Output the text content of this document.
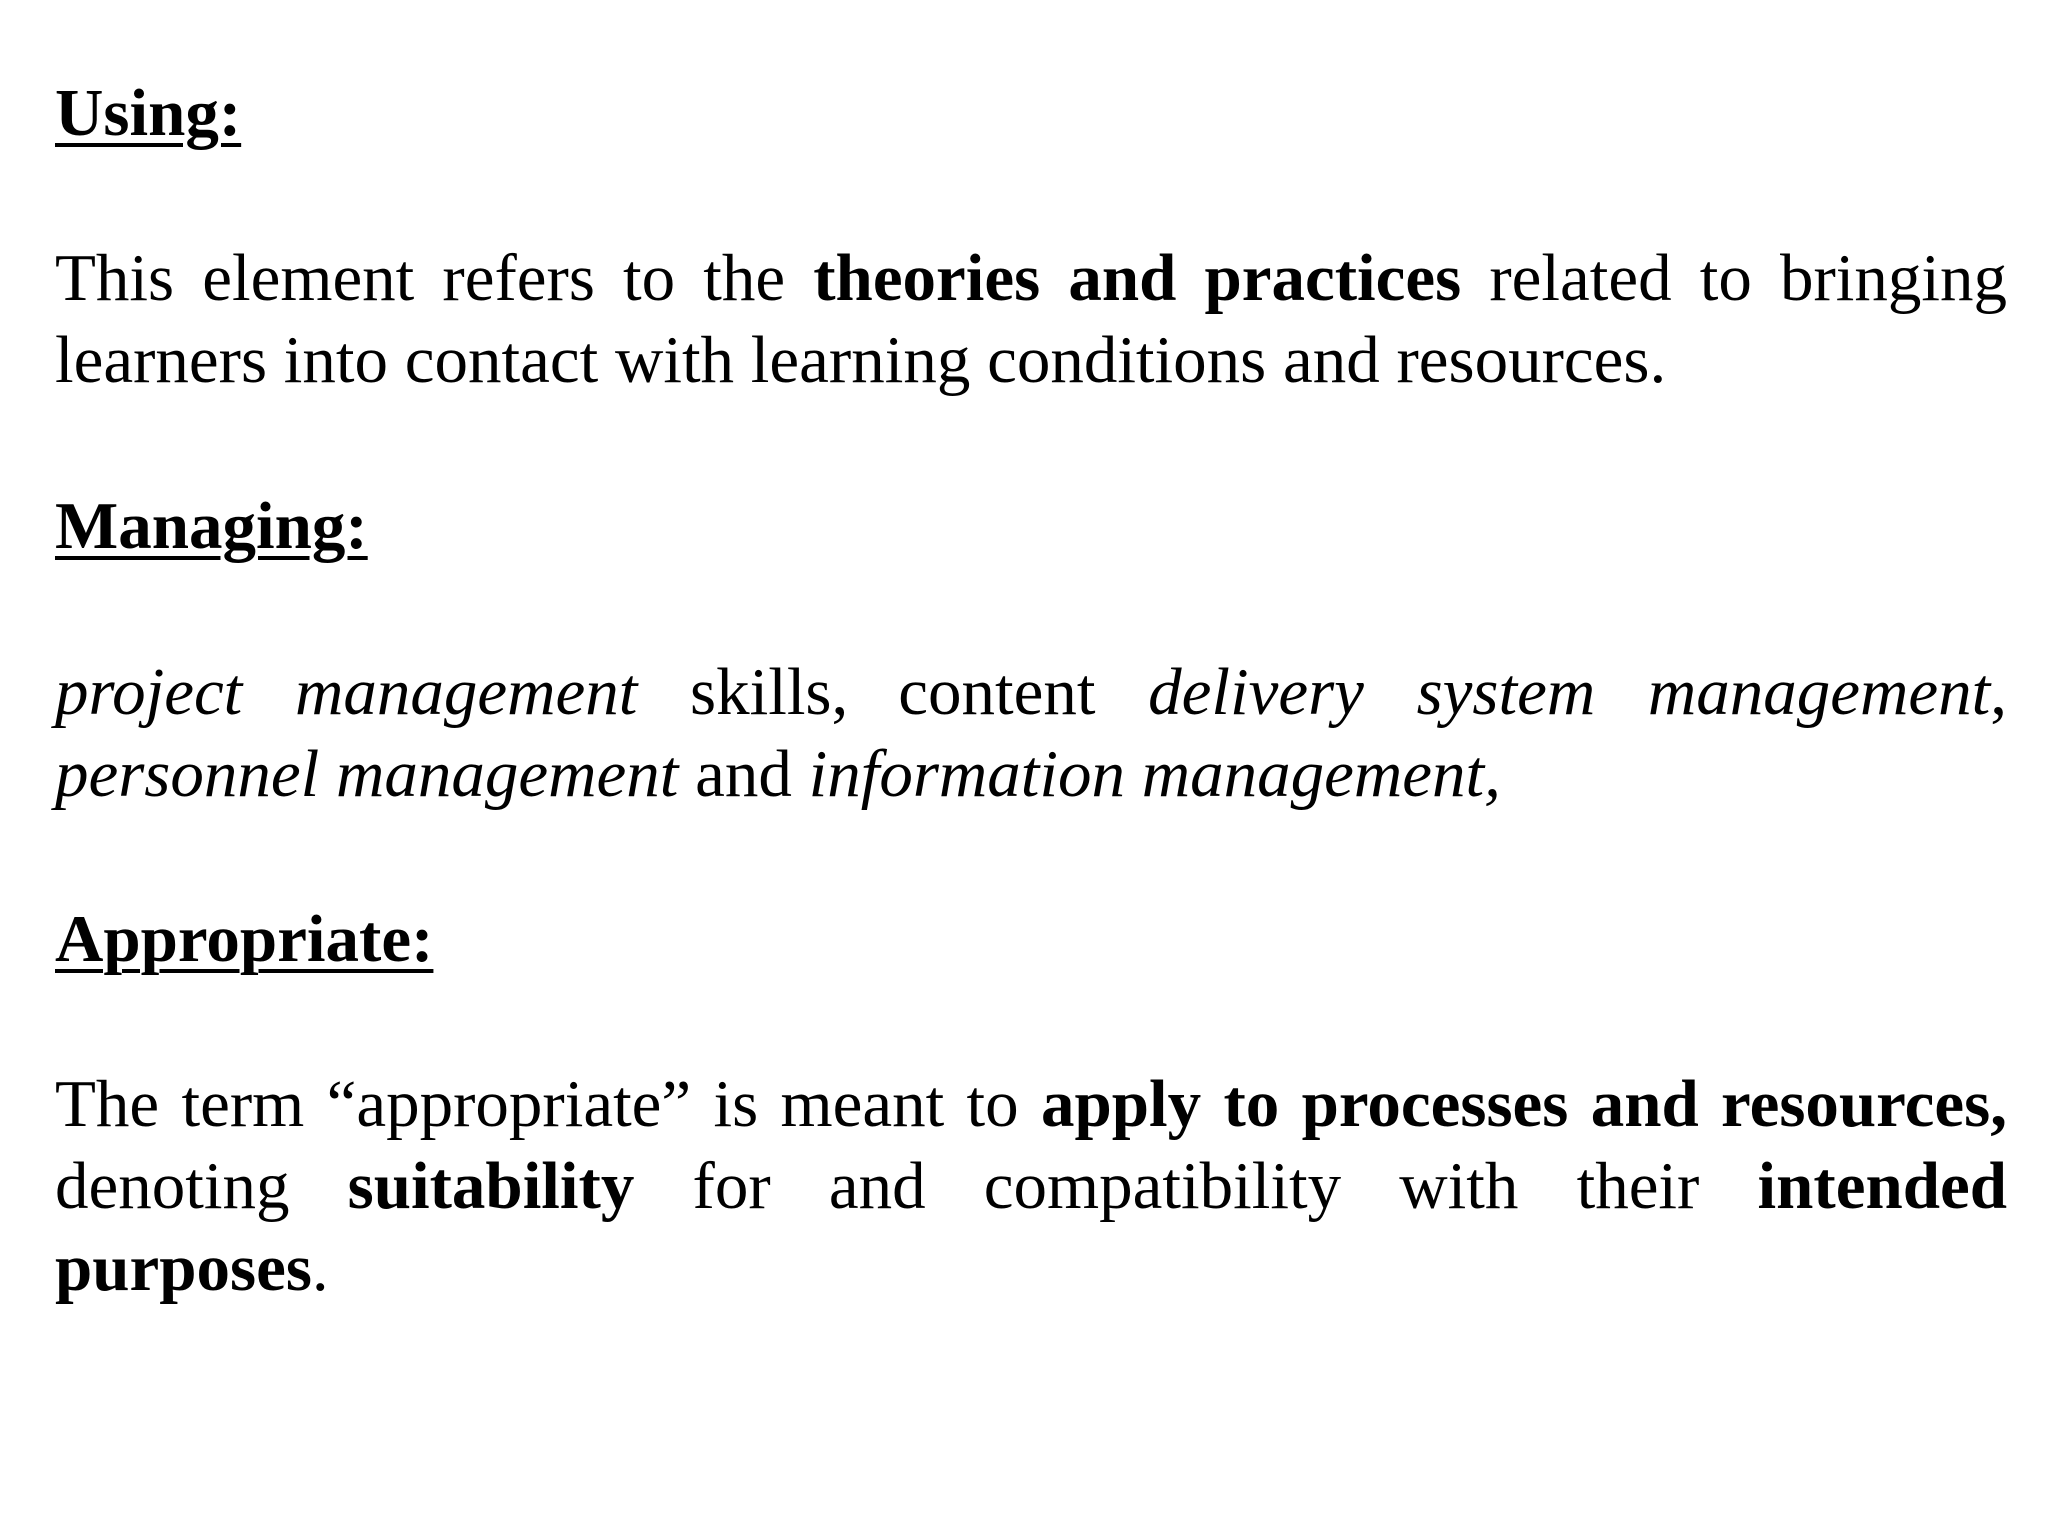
Using:

This element refers to the theories and practices related to bringing learners into contact with learning conditions and resources.

Managing:

project management skills, content delivery system management, personnel management and information management,

Appropriate:

The term “appropriate” is meant to apply to processes and resources, denoting suitability for and compatibility with their intended purposes.
